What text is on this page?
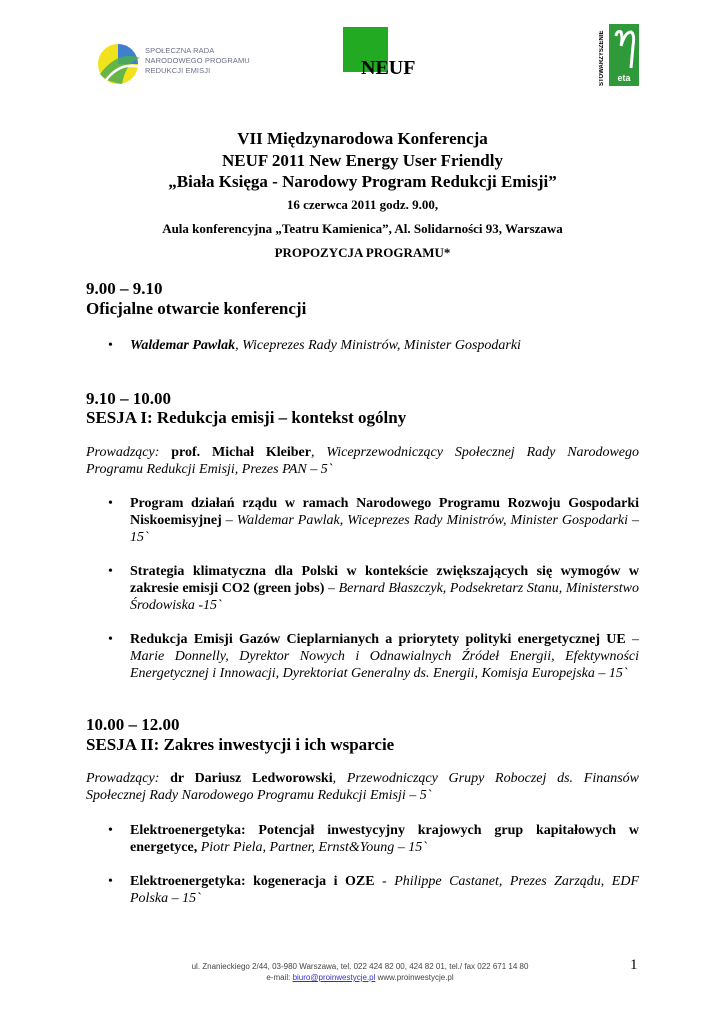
SPOŁECZNA RADA
NARODOWEGO PROGRAMU
REDUKCJI EMISJI	NEUF	STOWARZYSZENIE eta
VII Międzynarodowa Konferencja
NEUF 2011 New Energy User Friendly
„Biała Księga - Narodowy Program Redukcji Emisji”
16 czerwca 2011 godz. 9.00,
Aula konferencyjna „Teatru Kamienica”, Al. Solidarności 93, Warszawa
PROPOZYCJA PROGRAMU*
9.00 – 9.10
Oficjalne otwarcie konferencji
• Waldemar Pawlak, Wiceprezes Rady Ministrów, Minister Gospodarki
9.10 – 10.00
SESJA I: Redukcja emisji – kontekst ogólny
Prowadzący: prof. Michał Kleiber, Wiceprzewodniczący Społecznej Rady Narodowego Programu Redukcji Emisji, Prezes PAN – 5`
• Program działań rządu w ramach Narodowego Programu Rozwoju Gospodarki Niskoemisyjnej – Waldemar Pawlak, Wiceprezes Rady Ministrów, Minister Gospodarki – 15`
• Strategia klimatyczna dla Polski w kontekście zwiększających się wymogów w zakresie emisji CO2 (green jobs) – Bernard Błaszczyk, Podsekretarz Stanu, Ministerstwo Środowiska -15`
• Redukcja Emisji Gazów Cieplarnianych a priorytety polityki energetycznej UE – Marie Donnelly, Dyrektor Nowych i Odnawialnych Źródeł Energii, Efektywności Energetycznej i Innowacji, Dyrektoriat Generalny ds. Energii, Komisja Europejska – 15`
10.00 – 12.00
SESJA II: Zakres inwestycji i ich wsparcie
Prowadzący: dr Dariusz Ledworowski, Przewodniczący Grupy Roboczej ds. Finansów Społecznej Rady Narodowego Programu Redukcji Emisji – 5`
• Elektroenergetyka: Potencjał inwestycyjny krajowych grup kapitałowych w energetyce, Piotr Piela, Partner, Ernst&Young – 15`
• Elektroenergetyka: kogeneracja i OZE - Philippe Castanet, Prezes Zarządu, EDF Polska – 15`
ul. Znanieckiego 2/44, 03-980 Warszawa, tel. 022 424 82 00, 424 82 01, tel./ fax 022 671 14 80
e-mail: biuro@proinwestycje.pl www.proinwestycje.pl
1
